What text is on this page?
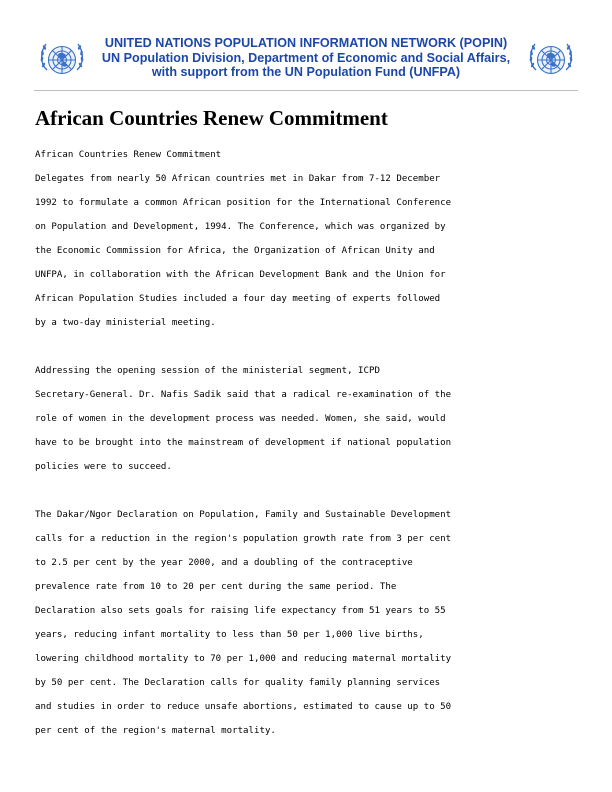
UNITED NATIONS POPULATION INFORMATION NETWORK (POPIN)
UN Population Division, Department of Economic and Social Affairs,
with support from the UN Population Fund (UNFPA)
African Countries Renew Commitment
African Countries Renew Commitment
Delegates from nearly 50 African countries met in Dakar from 7-12 December
1992 to formulate a common African position for the International Conference
on Population and Development, 1994. The Conference, which was organized by
the Economic Commission for Africa, the Organization of African Unity and
UNFPA, in collaboration with the African Development Bank and the Union for
African Population Studies included a four day meeting of experts followed
by a two-day ministerial meeting.
Addressing the opening session of the ministerial segment, ICPD
Secretary-General. Dr. Nafis Sadik said that a radical re-examination of the
role of women in the development process was needed. Women, she said, would
have to be brought into the mainstream of development if national population
policies were to succeed.
The Dakar/Ngor Declaration on Population, Family and Sustainable Development
calls for a reduction in the region's population growth rate from 3 per cent
to 2.5 per cent by the year 2000, and a doubling of the contraceptive
prevalence rate from 10 to 20 per cent during the same period. The
Declaration also sets goals for raising life expectancy from 51 years to 55
years, reducing infant mortality to less than 50 per 1,000 live births,
lowering childhood mortality to 70 per 1,000 and reducing maternal mortality
by 50 per cent. The Declaration calls for quality family planning services
and studies in order to reduce unsafe abortions, estimated to cause up to 50
per cent of the region's maternal mortality.
